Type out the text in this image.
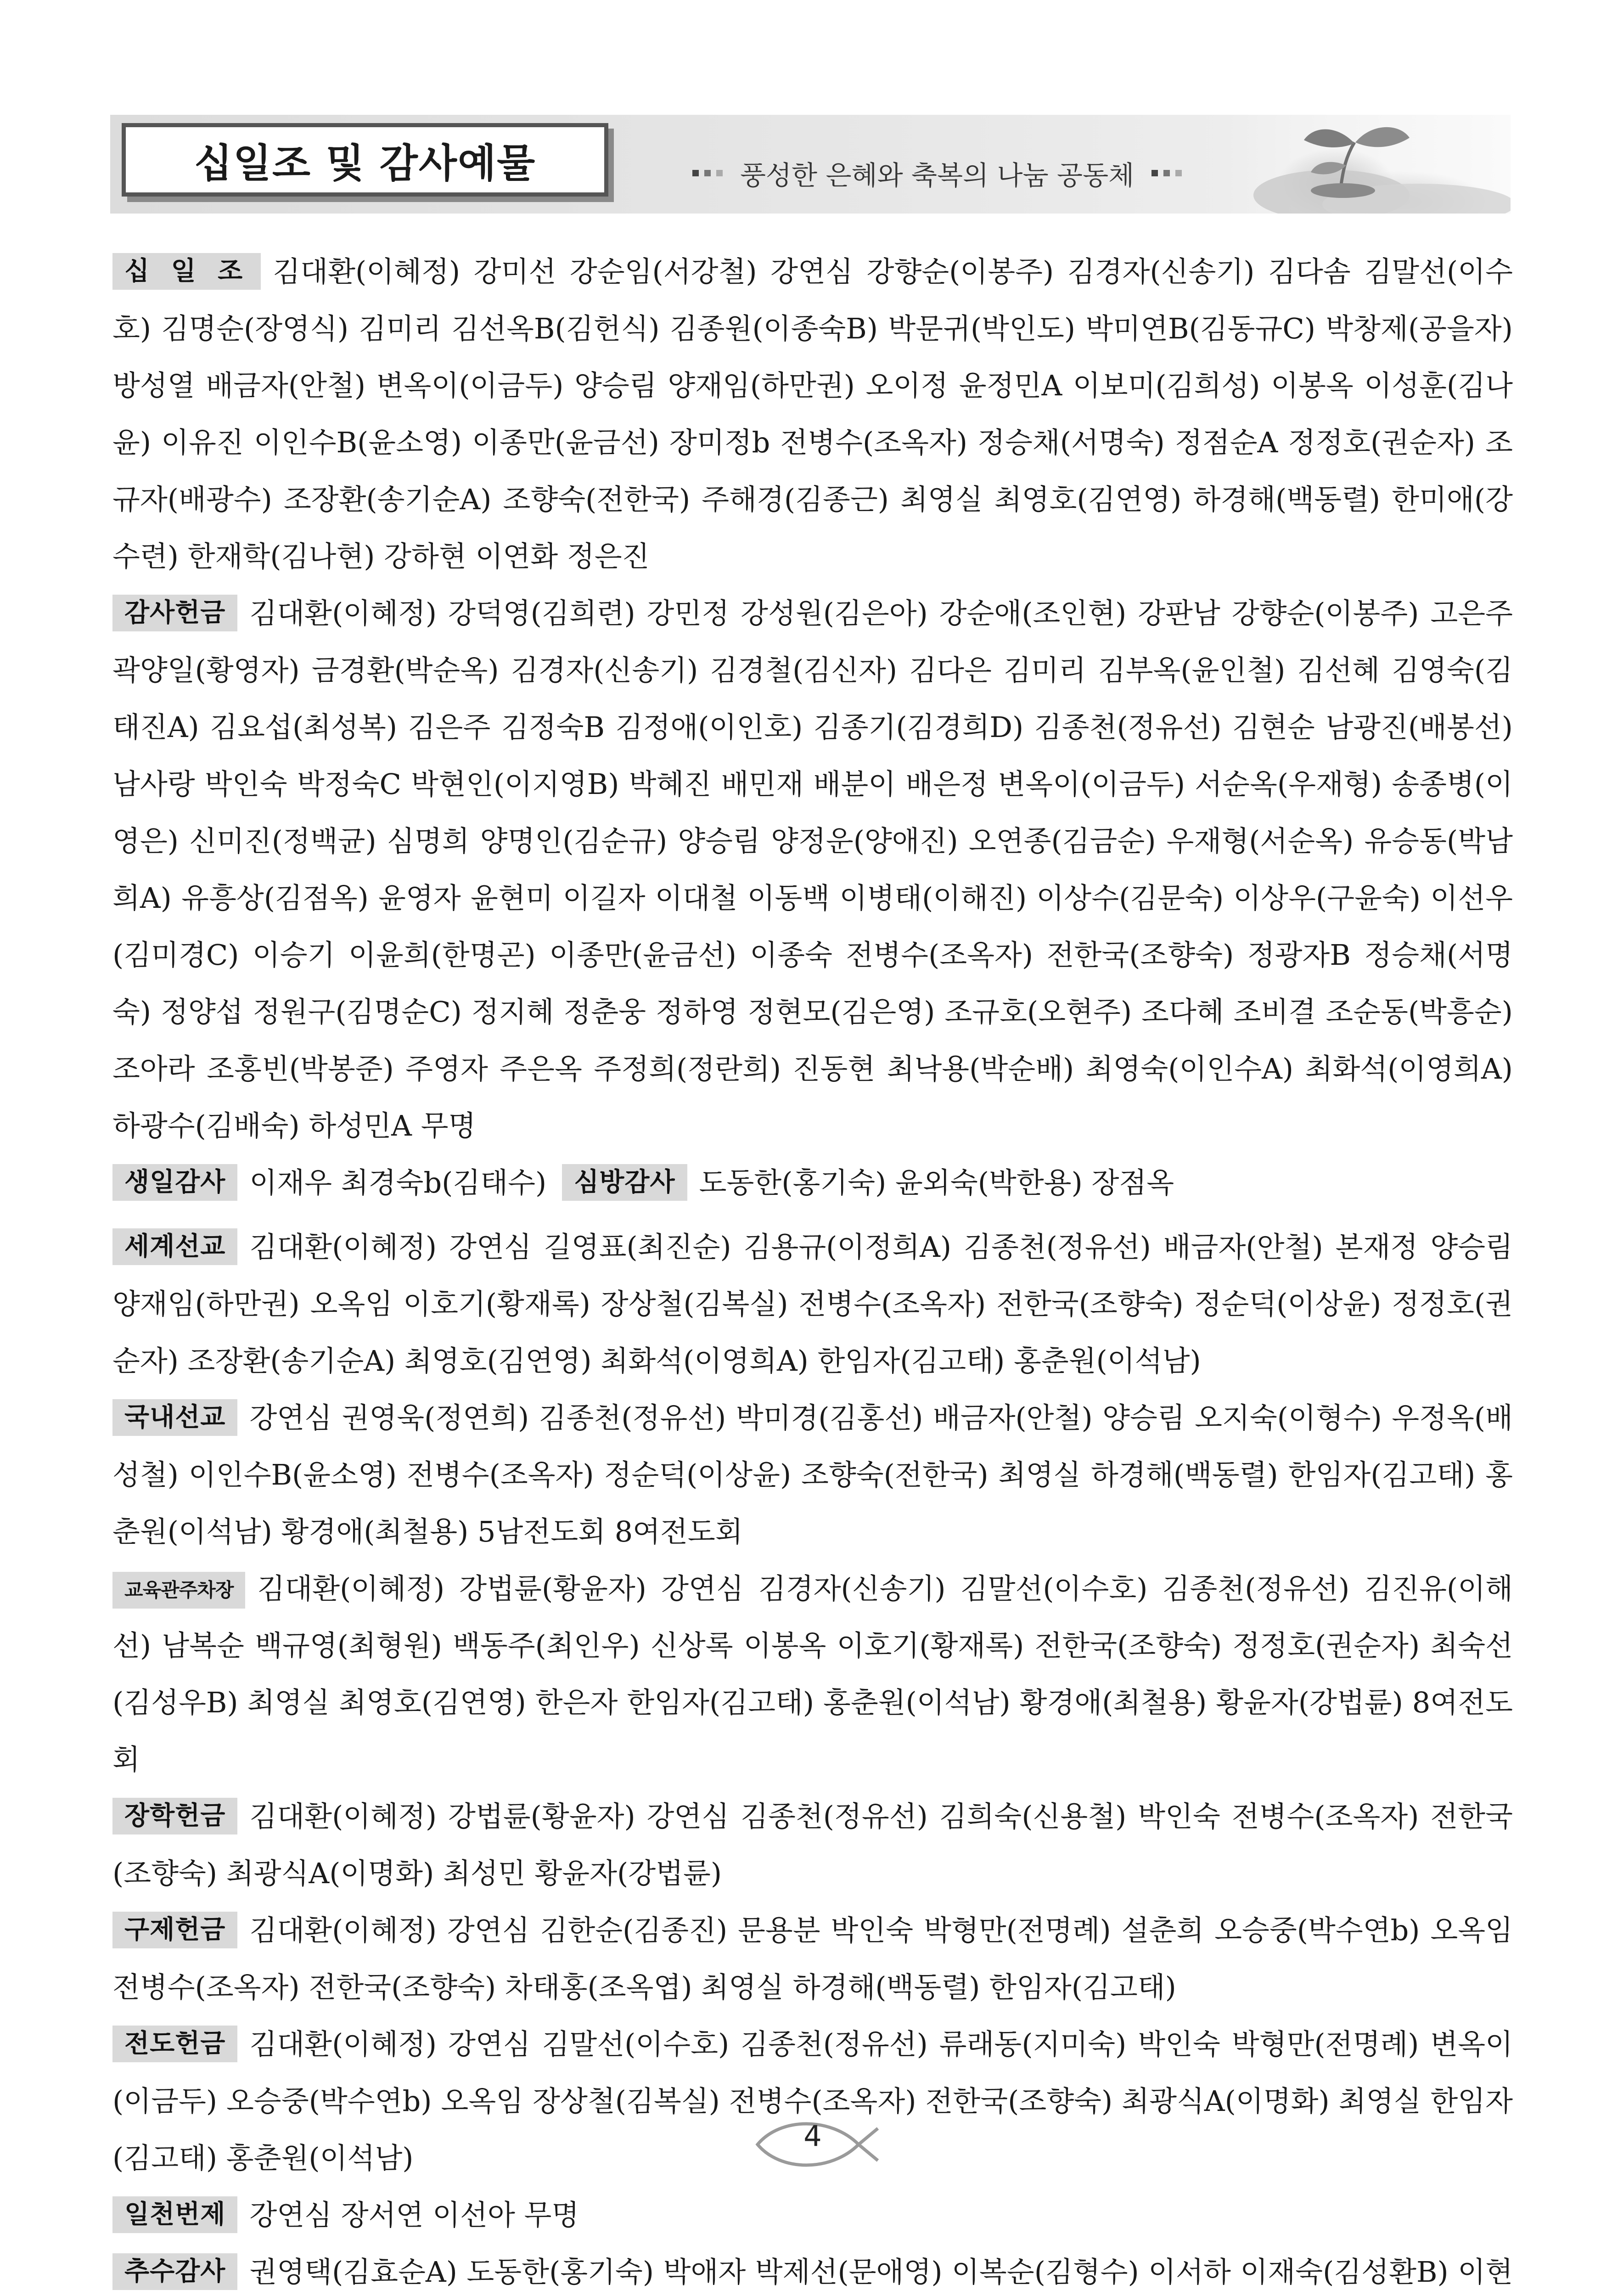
십일조 및 감사예물	풍성한 은혜와 축복의 나눔 공동체
십 일 조 김대환(이혜정) 강미선 강순임(서강철) 강연심 강향순(이봉주) 김경자(신송기) 김다솜 김말선(이수호) 김명순(장영식) 김미리 김선옥B(김헌식) 김종원(이종숙B) 박문귀(박인도) 박미연B(김동규C) 박창제(공을자) 방성열 배금자(안철) 변옥이(이금두) 양승림 양재임(하만권) 오이정 윤정민A 이보미(김희성) 이봉옥 이성훈(김나윤) 이유진 이인수B(윤소영) 이종만(윤금선) 장미정b 전병수(조옥자) 정승채(서명숙) 정점순A 정정호(권순자) 조규자(배광수) 조장환(송기순A) 조향숙(전한국) 주해경(김종근) 최영실 최영호(김연영) 하경해(백동렬) 한미애(강수련) 한재학(김나현) 강하현 이연화 정은진
감사헌금 김대환(이혜정) 강덕영(김희련) 강민정 강성원(김은아) 강순애(조인현) 강판남 강향순(이봉주) 고은주 곽양일(황영자) 금경환(박순옥) 김경자(신송기) 김경철(김신자) 김다은 김미리 김부옥(윤인철) 김선혜 김영숙(김태진A) 김요섭(최성복) 김은주 김정숙B 김정애(이인호) 김종기(김경희D) 김종천(정유선) 김현순 남광진(배봉선) 남사랑 박인숙 박정숙C 박현인(이지영B) 박혜진 배민재 배분이 배은정 변옥이(이금두) 서순옥(우재형) 송종병(이영은) 신미진(정백균) 심명희 양명인(김순규) 양승림 양정운(양애진) 오연종(김금순) 우재형(서순옥) 유승동(박남희A) 유흥상(김점옥) 윤영자 윤현미 이길자 이대철 이동백 이병태(이해진) 이상수(김문숙) 이상우(구윤숙) 이선우(김미경C) 이승기 이윤희(한명곤) 이종만(윤금선) 이종숙 전병수(조옥자) 전한국(조향숙) 정광자B 정승채(서명숙) 정양섭 정원구(김명순C) 정지혜 정춘웅 정하영 정현모(김은영) 조규호(오현주) 조다혜 조비결 조순동(박흥순) 조아라 조홍빈(박봉준) 주영자 주은옥 주정희(정란희) 진동현 최낙용(박순배) 최영숙(이인수A) 최화석(이영희A) 하광수(김배숙) 하성민A 무명
생일감사 이재우 최경숙b(김태수) 심방감사 도동한(홍기숙) 윤외숙(박한용) 장점옥
세계선교 김대환(이혜정) 강연심 길영표(최진순) 김용규(이정희A) 김종천(정유선) 배금자(안철) 본재정 양승림 양재임(하만권) 오옥임 이호기(황재록) 장상철(김복실) 전병수(조옥자) 전한국(조향숙) 정순덕(이상윤) 정정호(권순자) 조장환(송기순A) 최영호(김연영) 최화석(이영희A) 한임자(김고태) 홍춘원(이석남)
국내선교 강연심 권영욱(정연희) 김종천(정유선) 박미경(김홍선) 배금자(안철) 양승림 오지숙(이형수) 우정옥(배성철) 이인수B(윤소영) 전병수(조옥자) 정순덕(이상윤) 조향숙(전한국) 최영실 하경해(백동렬) 한임자(김고태) 홍춘원(이석남) 황경애(최철용) 5남전도회 8여전도회
교육관주차장 김대환(이혜정) 강법륜(황윤자) 강연심 김경자(신송기) 김말선(이수호) 김종천(정유선) 김진유(이해선) 남복순 백규영(최형원) 백동주(최인우) 신상록 이봉옥 이호기(황재록) 전한국(조향숙) 정정호(권순자) 최숙선(김성우B) 최영실 최영호(김연영) 한은자 한임자(김고태) 홍춘원(이석남) 황경애(최철용) 황윤자(강법륜) 8여전도회
장학헌금 김대환(이혜정) 강법륜(황윤자) 강연심 김종천(정유선) 김희숙(신용철) 박인숙 전병수(조옥자) 전한국(조향숙) 최광식A(이명화) 최성민 황윤자(강법륜)
구제헌금 김대환(이혜정) 강연심 김한순(김종진) 문용분 박인숙 박형만(전명례) 설춘희 오승중(박수연b) 오옥임 전병수(조옥자) 전한국(조향숙) 차태홍(조옥엽) 최영실 하경해(백동렬) 한임자(김고태)
전도헌금 김대환(이혜정) 강연심 김말선(이수호) 김종천(정유선) 류래동(지미숙) 박인숙 박형만(전명례) 변옥이(이금두) 오승중(박수연b) 오옥임 장상철(김복실) 전병수(조옥자) 전한국(조향숙) 최광식A(이명화) 최영실 한임자(김고태) 홍춘원(이석남)
일천번제 강연심 장서연 이선아 무명
추수감사 권영택(김효순A) 도동한(홍기숙) 박애자 박제선(문애영) 이복순(김형수) 이서하 이재숙(김성환B) 이현
4
